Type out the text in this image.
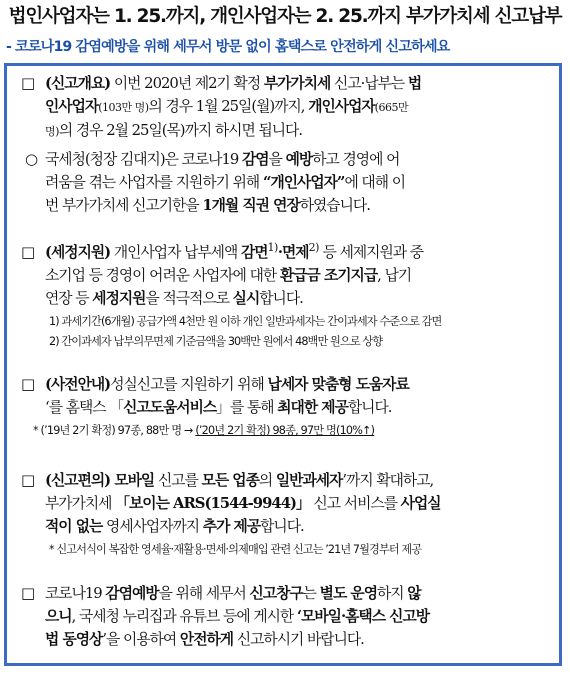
법인사업자는 1. 25.까지, 개인사업자는 2. 25.까지 부가가치세 신고납부
- 코로나19 감염예방을 위해 세무서 방문 없이 홈택스로 안전하게 신고하세요
□ (신고개요) 이번 2020년 제2기 확정 부가가치세 신고·납부는 법
인사업자(103만 명)의 경우 1월 25일(월)까지, 개인사업자(665만
명)의 경우 2월 25일(목)까지 하시면 됩니다.
○ 국세청(청장 김대지)은 코로나19 감염을 예방하고 경영에 어
려움을 겪는 사업자를 지원하기 위해 “개인사업자”에 대해 이
번 부가가치세 신고기한을 1개월 직권 연장하였습니다.
□ (세정지원) 개인사업자 납부세액 감면$^{1)}$·면제$^{2)}$ 등 세제지원과 중
소기업 등 경영이 어려운 사업자에 대한 환급금 조기지급, 납기
연장 등 세정지원을 적극적으로 실시합니다.
1) 과세기간(6개월) 공급가액 4천만 원 이하 개인 일반과세자는 간이과세자 수준으로 감면
2) 간이과세자 납부의무면제 기준금액을 30백만 원에서 48백만 원으로 상향
□ (사전안내)성실신고를 지원하기 위해 납세자 맞춤형 도움자료
‘를 홈택스 「신고도움서비스」를 통해 최대한 제공합니다.
* (’19년 2기 확정) 97종, 88만 명 → (’20년 2기 확정) 98종, 97만 명(10%↑)
□ (신고편의) 모바일 신고를 모든 업종의 일반과세자’까지 확대하고,
부가가치세 「보이는 ARS(1544-9944)」 신고 서비스를 사업실
적이 없는 영세사업자까지 추가 제공합니다.
* 신고서식이 복잡한 영세율·재활용·면세·의제매입 관련 신고는 ’21년 7월경부터 제공
□ 코로나19 감염예방을 위해 세무서 신고창구는 별도 운영하지 않
으니, 국세청 누리집과 유튜브 등에 게시한 ‘모바일·홈택스 신고방
법 동영상’을 이용하여 안전하게 신고하시기 바랍니다.
